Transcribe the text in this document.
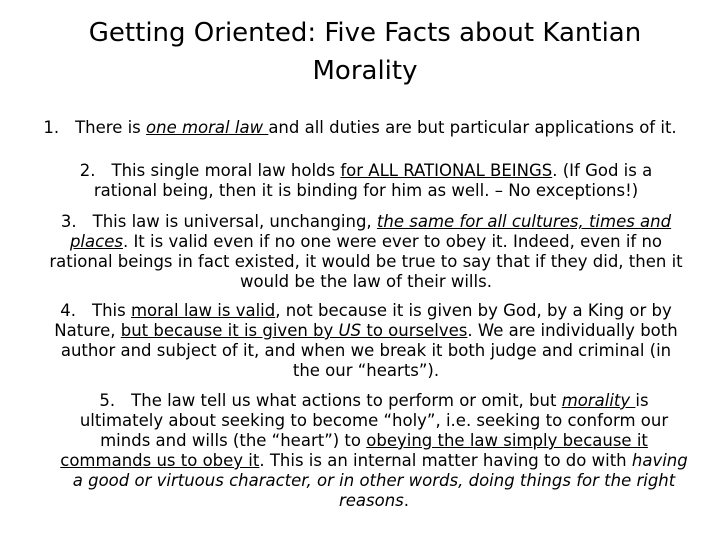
Getting Oriented: Five Facts about Kantian
Morality
1. There is one moral law and all duties are but particular applications of it.
2. This single moral law holds for ALL RATIONAL BEINGS. (If God is a rational being, then it is binding for him as well. – No exceptions!)
3. This law is universal, unchanging, the same for all cultures, times and places. It is valid even if no one were ever to obey it. Indeed, even if no rational beings in fact existed, it would be true to say that if they did, then it would be the law of their wills.
4. This moral law is valid, not because it is given by God, by a King or by Nature, but because it is given by US to ourselves. We are individually both author and subject of it, and when we break it both judge and criminal (in the our “hearts”).
5. The law tell us what actions to perform or omit, but morality is ultimately about seeking to become “holy”, i.e. seeking to conform our minds and wills (the “heart”) to obeying the law simply because it commands us to obey it. This is an internal matter having to do with having a good or virtuous character, or in other words, doing things for the right reasons.
